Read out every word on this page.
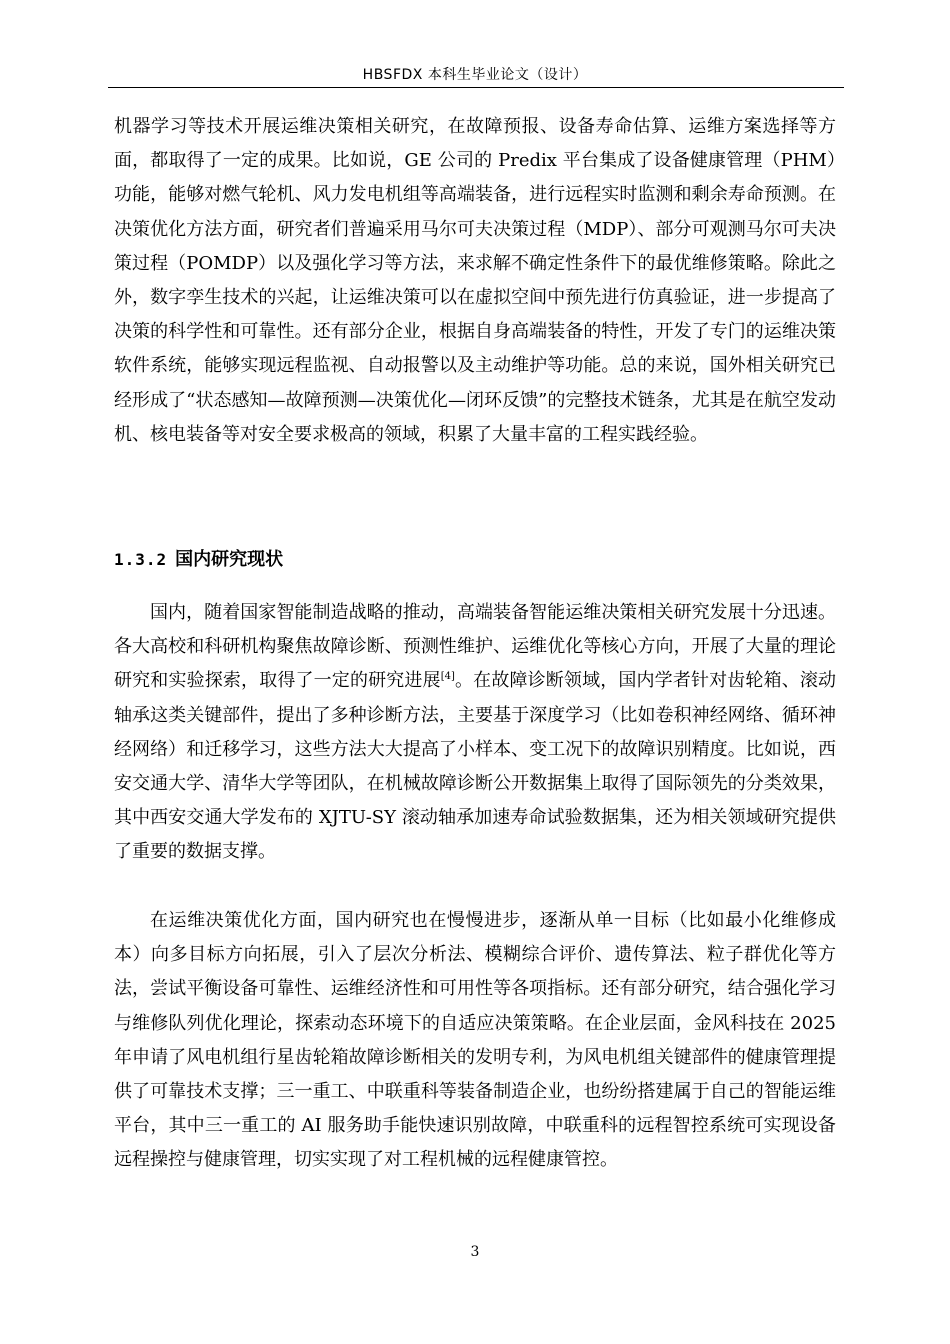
HBSFDX 本科生毕业论文（设计）

机器学习等技术开展运维决策相关研究，在故障预报、设备寿命估算、运维方案选择等方面，都取得了一定的成果。比如说，GE 公司的 Predix 平台集成了设备健康管理（PHM）功能，能够对燃气轮机、风力发电机组等高端装备，进行远程实时监测和剩余寿命预测。在决策优化方法方面，研究者们普遍采用马尔可夫决策过程（MDP）、部分可观测马尔可夫决策过程（POMDP）以及强化学习等方法，来求解不确定性条件下的最优维修策略。除此之外，数字孪生技术的兴起，让运维决策可以在虚拟空间中预先进行仿真验证，进一步提高了决策的科学性和可靠性。还有部分企业，根据自身高端装备的特性，开发了专门的运维决策软件系统，能够实现远程监视、自动报警以及主动维护等功能。总的来说，国外相关研究已经形成了“状态感知—故障预测—决策优化—闭环反馈”的完整技术链条，尤其是在航空发动机、核电装备等对安全要求极高的领域，积累了大量丰富的工程实践经验。

1.3.2 国内研究现状

国内，随着国家智能制造战略的推动，高端装备智能运维决策相关研究发展十分迅速。各大高校和科研机构聚焦故障诊断、预测性维护、运维优化等核心方向，开展了大量的理论研究和实验探索，取得了一定的研究进展[4]。在故障诊断领域，国内学者针对齿轮箱、滚动轴承这类关键部件，提出了多种诊断方法，主要基于深度学习（比如卷积神经网络、循环神经网络）和迁移学习，这些方法大大提高了小样本、变工况下的故障识别精度。比如说，西安交通大学、清华大学等团队，在机械故障诊断公开数据集上取得了国际领先的分类效果，其中西安交通大学发布的 XJTU-SY 滚动轴承加速寿命试验数据集，还为相关领域研究提供了重要的数据支撑。

在运维决策优化方面，国内研究也在慢慢进步，逐渐从单一目标（比如最小化维修成本）向多目标方向拓展，引入了层次分析法、模糊综合评价、遗传算法、粒子群优化等方法，尝试平衡设备可靠性、运维经济性和可用性等各项指标。还有部分研究，结合强化学习与维修队列优化理论，探索动态环境下的自适应决策策略。在企业层面，金风科技在 2025 年申请了风电机组行星齿轮箱故障诊断相关的发明专利，为风电机组关键部件的健康管理提供了可靠技术支撑；三一重工、中联重科等装备制造企业，也纷纷搭建属于自己的智能运维平台，其中三一重工的 AI 服务助手能快速识别故障，中联重科的远程智控系统可实现设备远程操控与健康管理，切实实现了对工程机械的远程健康管控。

3
